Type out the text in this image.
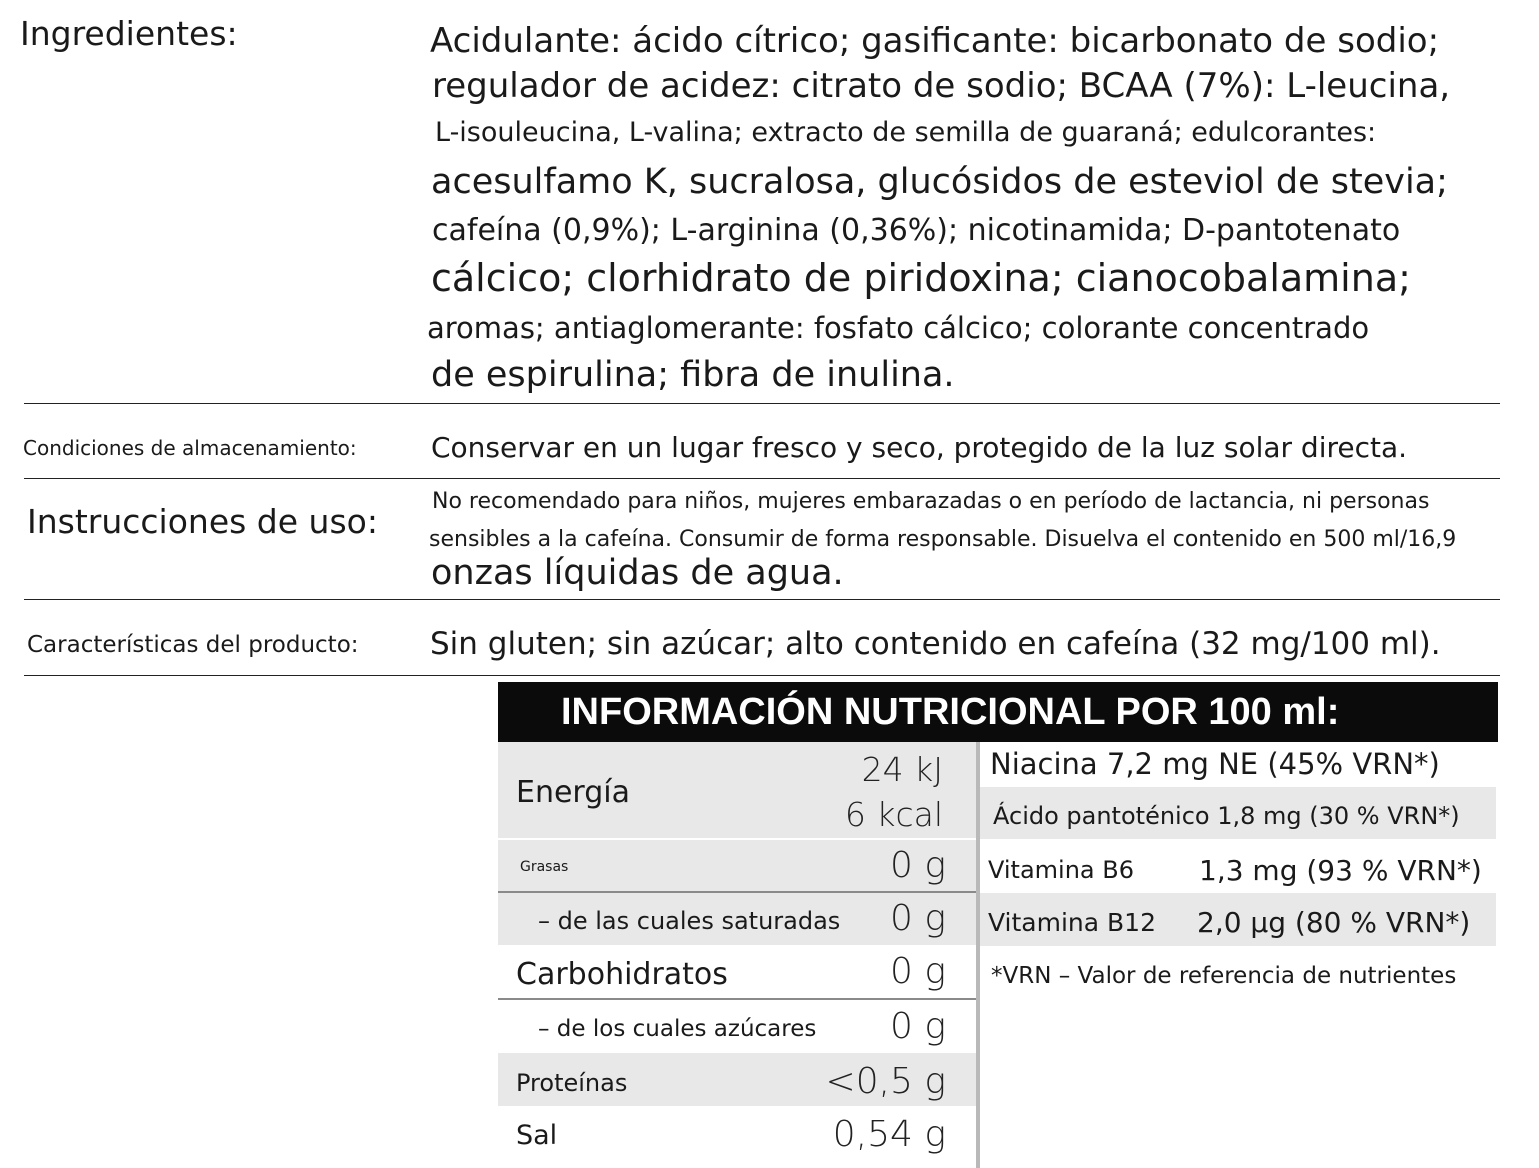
Ingredientes:	Acidulante: ácido cítrico; gasificante: bicarbonato de sodio;
regulador de acidez: citrato de sodio; BCAA (7%): L-leucina,
L-isouleucina, L-valina; extracto de semilla de guaraná; edulcorantes:
acesulfamo K, sucralosa, glucósidos de esteviol de stevia;
cafeína (0,9%); L-arginina (0,36%); nicotinamida; D-pantotenato
cálcico; clorhidrato de piridoxina; cianocobalamina;
aromas; antiaglomerante: fosfato cálcico; colorante concentrado
de espirulina; fibra de inulina.
Condiciones de almacenamiento:	Conservar en un lugar fresco y seco, protegido de la luz solar directa.
Instrucciones de uso:
No recomendado para niños, mujeres embarazadas o en período de lactancia, ni personas
sensibles a la cafeína. Consumir de forma responsable. Disuelva el contenido en 500 ml/16,9
onzas líquidas de agua.
Características del producto: Sin gluten; sin azúcar; alto contenido en cafeína (32 mg/100 ml).
INFORMACIÓN NUTRICIONAL POR 100 ml:
Energía
24 kJ
6 kcal
Grasas	0 g
– de las cuales saturadas 0 g
Carbohidratos	0 g
– de los cuales azúcares 0 g
Proteínas	<0,5 g
Sal	0,54 g
Niacina 7,2 mg NE (45% VRN*)
Ácido pantoténico 1,8 mg (30 % VRN*)
Vitamina B6 1,3 mg (93 % VRN*)
Vitamina B12 2,0 µg (80 % VRN*)
*VRN – Valor de referencia de nutrientes
